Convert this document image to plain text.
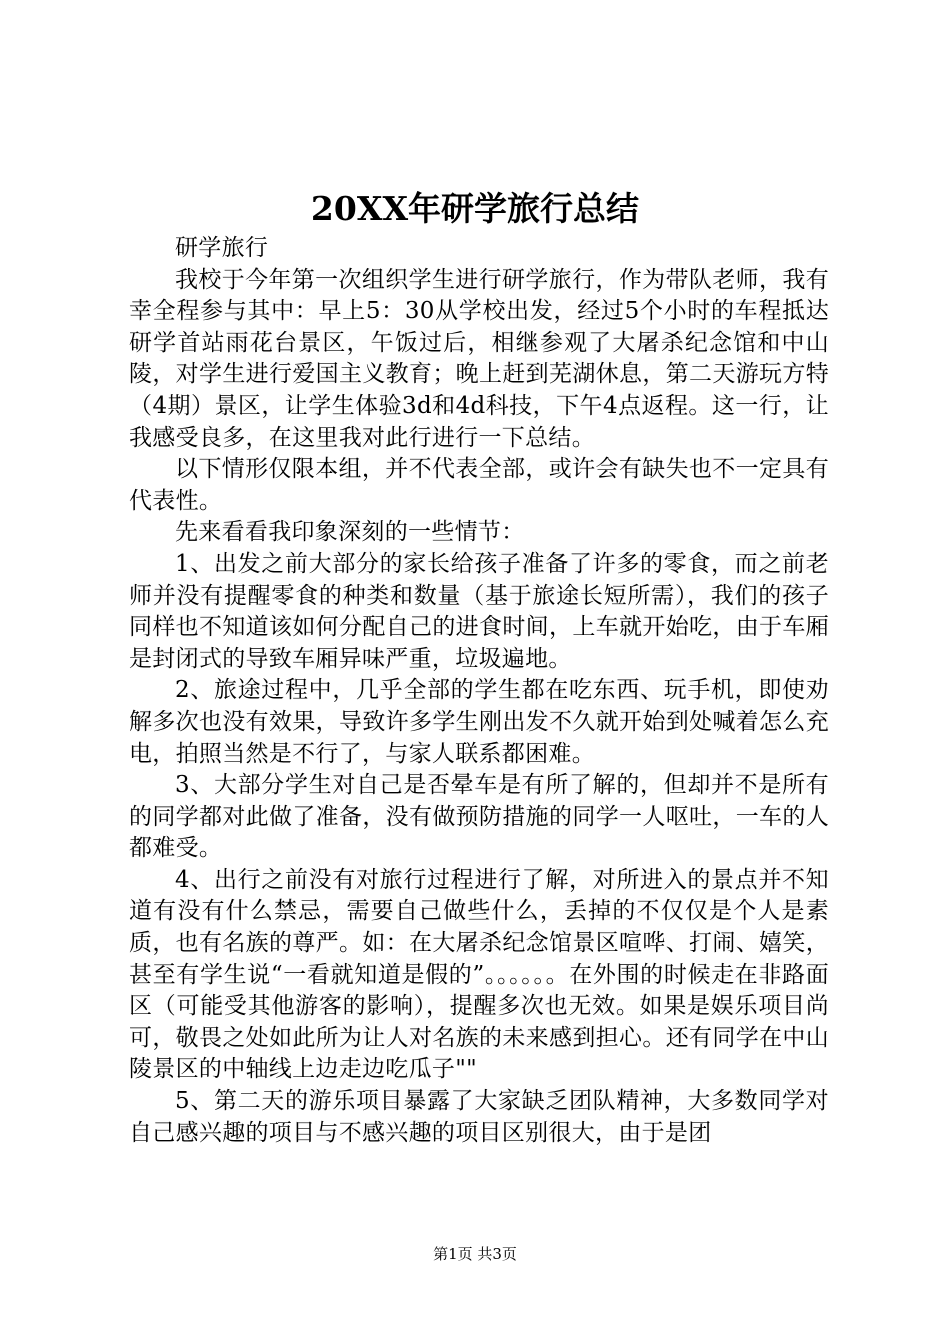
20XX年研学旅行总结

研学旅行

我校于今年第一次组织学生进行研学旅行，作为带队老师，我有幸全程参与其中：早上5：30从学校出发，经过5个小时的车程抵达研学首站雨花台景区，午饭过后，相继参观了大屠杀纪念馆和中山陵，对学生进行爱国主义教育；晚上赶到芜湖休息，第二天游玩方特（4期）景区，让学生体验3d和4d科技，下午4点返程。这一行，让我感受良多，在这里我对此行进行一下总结。

以下情形仅限本组，并不代表全部，或许会有缺失也不一定具有代表性。

先来看看我印象深刻的一些情节：

1、出发之前大部分的家长给孩子准备了许多的零食，而之前老师并没有提醒零食的种类和数量（基于旅途长短所需），我们的孩子同样也不知道该如何分配自己的进食时间，上车就开始吃，由于车厢是封闭式的导致车厢异味严重，垃圾遍地。

2、旅途过程中，几乎全部的学生都在吃东西、玩手机，即使劝解多次也没有效果，导致许多学生刚出发不久就开始到处喊着怎么充电，拍照当然是不行了，与家人联系都困难。

3、大部分学生对自己是否晕车是有所了解的，但却并不是所有的同学都对此做了准备，没有做预防措施的同学一人呕吐，一车的人都难受。

4、出行之前没有对旅行过程进行了解，对所进入的景点并不知道有没有什么禁忌，需要自己做些什么，丢掉的不仅仅是个人是素质，也有名族的尊严。如：在大屠杀纪念馆景区喧哗、打闹、嬉笑，甚至有学生说“一看就知道是假的”。。。。。。在外围的时候走在非路面区（可能受其他游客的影响），提醒多次也无效。如果是娱乐项目尚可，敬畏之处如此所为让人对名族的未来感到担心。还有同学在中山陵景区的中轴线上边走边吃瓜子""

5、第二天的游乐项目暴露了大家缺乏团队精神，大多数同学对自己感兴趣的项目与不感兴趣的项目区别很大，由于是团

第1页 共3页
